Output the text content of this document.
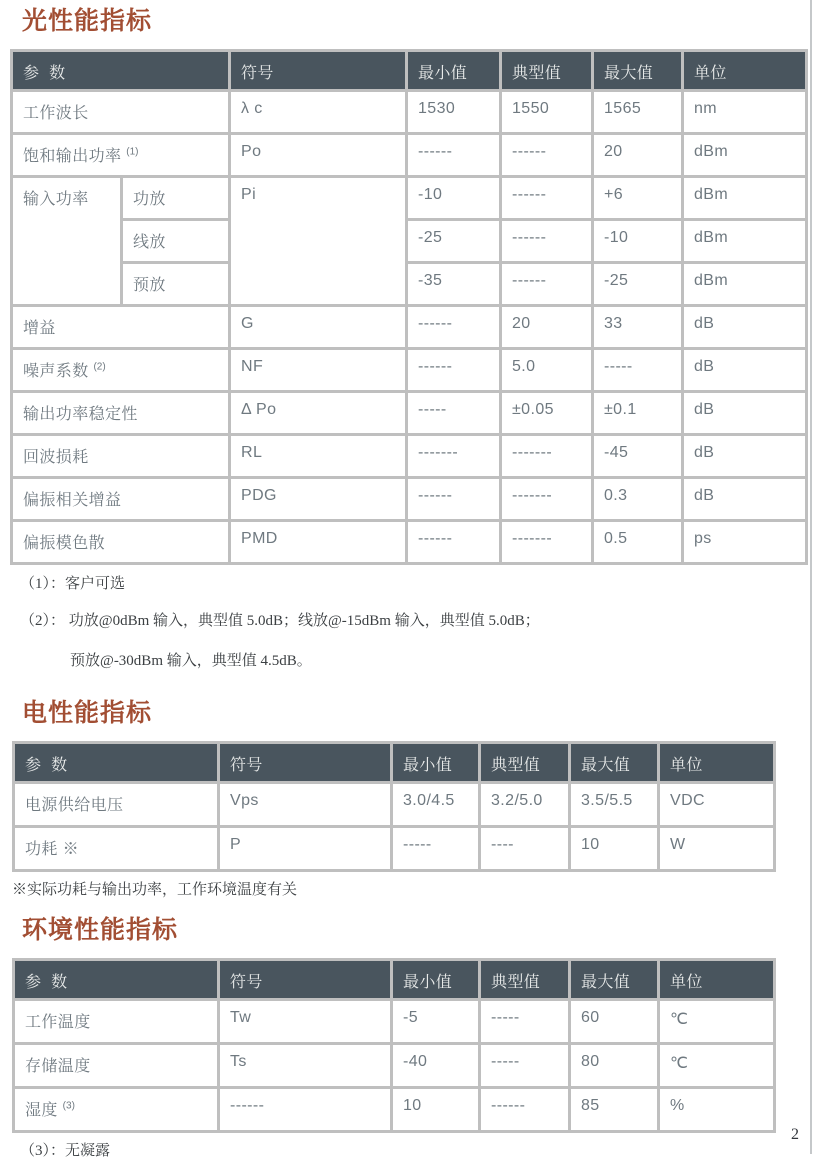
光性能指标
参  数		符号	最小值	典型值	最大值	单位
工作波长		λ c	1530	1550	1565	nm
饱和输出功率 $^{(1)}$		Po	------	------	20	dBm
输入功率	功放	Pi	-10	------	+6	dBm
	线放		-25	------	-10	dBm
	预放		-35	------	-25	dBm
增益		G	------	20	33	dB
噪声系数 $^{(2)}$		NF	------	5.0	-----	dB
输出功率稳定性		Δ Po	-----	±0.05	±0.1	dB
回波损耗		RL	-------	-------	-45	dB
偏振相关增益		PDG	------	-------	0.3	dB
偏振模色散		PMD	------	-------	0.5	ps
（1）：客户可选
（2）： 功放@0dBm 输入，典型值 5.0dB；线放@-15dBm 输入，典型值 5.0dB；
预放@-30dBm 输入，典型值 4.5dB。
电性能指标
参  数	符号	最小值	典型值	最大值	单位
电源供给电压	Vps	3.0/4.5	3.2/5.0	3.5/5.5	VDC
功耗 ※	P	-----	----	10	W
※实际功耗与输出功率，工作环境温度有关
环境性能指标
参  数	符号	最小值	典型值	最大值	单位
工作温度	Tw	-5	-----	60	℃
存储温度	Ts	-40	-----	80	℃
湿度 $^{(3)}$	------	10	------	85	%
（3）：无凝露
2
